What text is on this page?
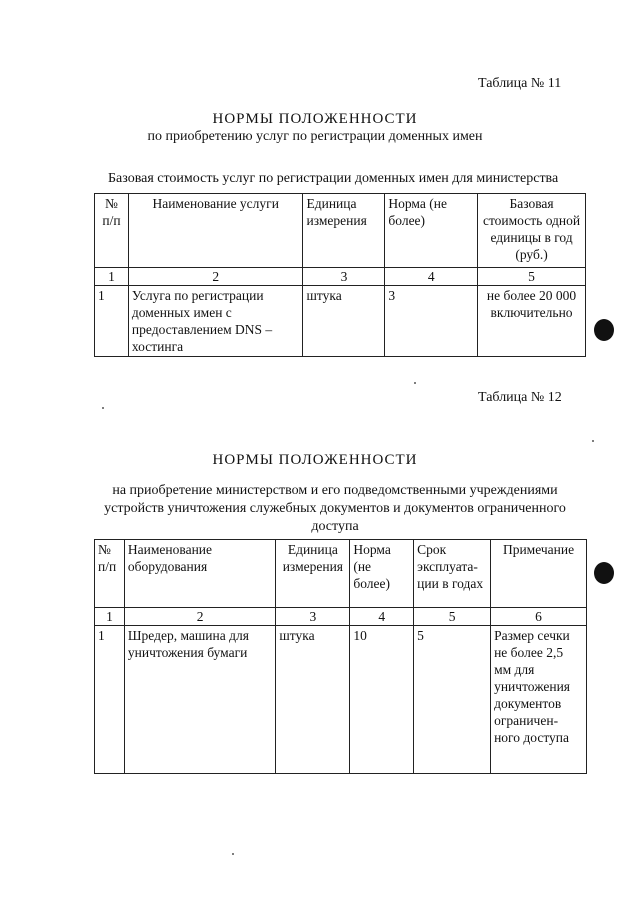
Таблица № 11
НОРМЫ ПОЛОЖЕННОСТИ
по приобретению услуг по регистрации доменных имен
Базовая стоимость услуг по регистрации доменных имен для министерства
№ п/п	Наименование услуги	Единица измерения	Норма (не более)	Базовая стоимость одной единицы в год (руб.)
1	2	3	4	5
1	Услуга по регистрации доменных имен с предоставлением DNS – хостинга	штука	3	не более 20 000 включительно
Таблица № 12
НОРМЫ ПОЛОЖЕННОСТИ
на приобретение министерством и его подведомственными учреждениями
устройств уничтожения служебных документов и документов ограниченного
доступа
№ п/п	Наименование оборудования	Единица измерения	Норма (не более)	Срок эксплуата-ции в годах	Примечание
1	2	3	4	5	6
1	Шредер, машина для уничтожения бумаги	штука	10	5	Размер сечки не более 2,5 мм для уничтожения документов ограничен-ного доступа
